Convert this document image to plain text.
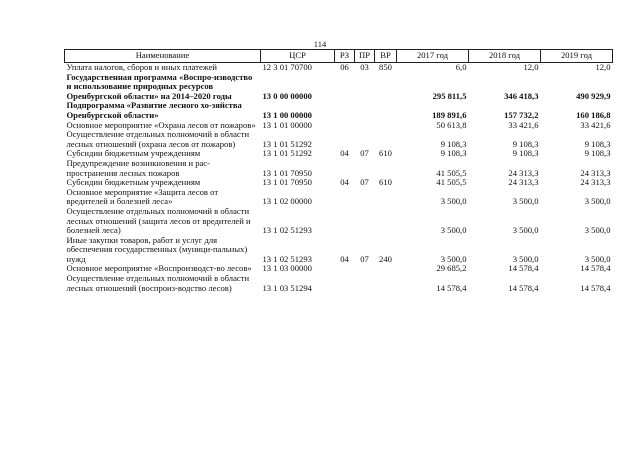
114
Наименование	ЦСР	РЗ	ПР	ВР	2017 год	2018 год	2019 год
Уплата налогов, сборов и иных платежей	12 3 01 70700	06	03	850	6,0	12,0	12,0
Государственная программа «Воспро-изводство и использование природных ресурсов Оренбургской области» на 2014–2020 годы	13 0 00 00000				295 811,5	346 418,3	490 929,9
Подпрограмма «Развитие лесного хо-зяйства Оренбургской области»	13 1 00 00000				189 891,6	157 732,2	160 186,8
Основное мероприятие «Охрана лесов от пожаров»	13 1 01 00000				50 613,8	33 421,6	33 421,6
Осуществление отдельных полномочий в области лесных отношений (охрана лесов от пожаров)	13 1 01 51292				9 108,3	9 108,3	9 108,3
Субсидии бюджетным учреждениям	13 1 01 51292	04	07	610	9 108,3	9 108,3	9 108,3
Предупреждение возникновения и рас-пространения лесных пожаров	13 1 01 70950				41 505,5	24 313,3	24 313,3
Субсидии бюджетным учреждениям	13 1 01 70950	04	07	610	41 505,5	24 313,3	24 313,3
Основное мероприятие «Защита лесов от вредителей и болезней леса»	13 1 02 00000				3 500,0	3 500,0	3 500,0
Осуществление отдельных полномочий в области лесных отношений (защита лесов от вредителей и болезней леса)	13 1 02 51293				3 500,0	3 500,0	3 500,0
Иные закупки товаров, работ и услуг для обеспечения государственных (муници-пальных) нужд	13 1 02 51293	04	07	240	3 500,0	3 500,0	3 500,0
Основное мероприятие «Воспроизводст-во лесов»	13 1 03 00000				29 685,2	14 578,4	14 578,4
Осуществление отдельных полномочий в области лесных отношений (воспроиз-водство лесов)	13 1 03 51294				14 578,4	14 578,4	14 578,4
